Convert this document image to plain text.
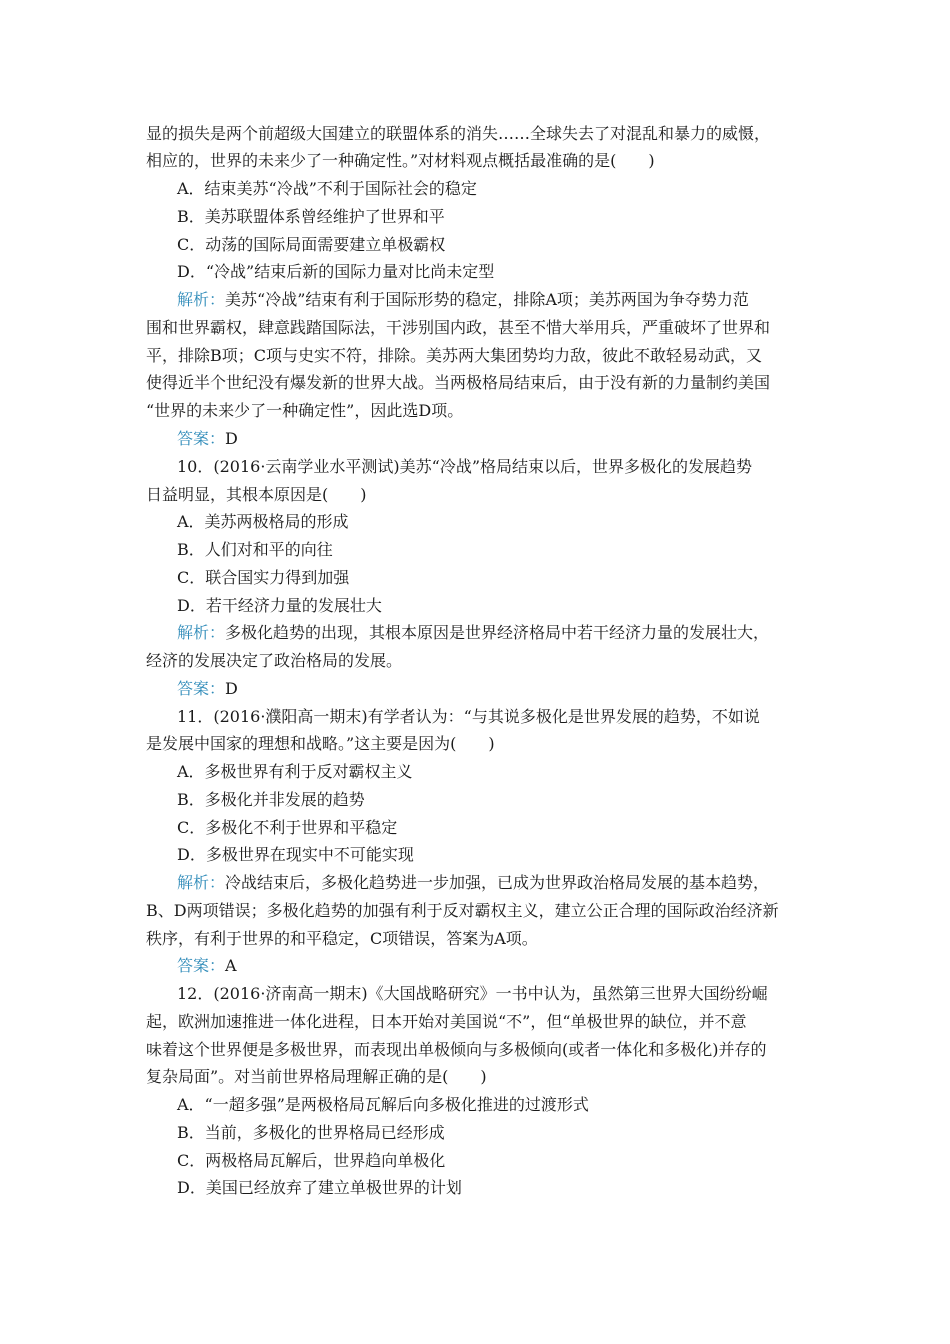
显的损失是两个前超级大国建立的联盟体系的消失……全球失去了对混乱和暴力的威慑，
相应的，世界的未来少了一种确定性。”对材料观点概括最准确的是(　　)
A．结束美苏“冷战”不利于国际社会的稳定
B．美苏联盟体系曾经维护了世界和平
C．动荡的国际局面需要建立单极霸权
D．“冷战”结束后新的国际力量对比尚未定型
解析：美苏“冷战”结束有利于国际形势的稳定，排除A项；美苏两国为争夺势力范
围和世界霸权，肆意践踏国际法，干涉别国内政，甚至不惜大举用兵，严重破坏了世界和
平，排除B项；C项与史实不符，排除。美苏两大集团势均力敌，彼此不敢轻易动武，又
使得近半个世纪没有爆发新的世界大战。当两极格局结束后，由于没有新的力量制约美国
“世界的未来少了一种确定性”，因此选D项。
答案：D
10．(2016·云南学业水平测试)美苏“冷战”格局结束以后，世界多极化的发展趋势
日益明显，其根本原因是(　　)
A．美苏两极格局的形成
B．人们对和平的向往
C．联合国实力得到加强
D．若干经济力量的发展壮大
解析：多极化趋势的出现，其根本原因是世界经济格局中若干经济力量的发展壮大，
经济的发展决定了政治格局的发展。
答案：D
11．(2016·濮阳高一期末)有学者认为：“与其说多极化是世界发展的趋势，不如说
是发展中国家的理想和战略。”这主要是因为(　　)
A．多极世界有利于反对霸权主义
B．多极化并非发展的趋势
C．多极化不利于世界和平稳定
D．多极世界在现实中不可能实现
解析：冷战结束后，多极化趋势进一步加强，已成为世界政治格局发展的基本趋势，
B、D两项错误；多极化趋势的加强有利于反对霸权主义，建立公正合理的国际政治经济新
秩序，有利于世界的和平稳定，C项错误，答案为A项。
答案：A
12．(2016·济南高一期末)《大国战略研究》一书中认为，虽然第三世界大国纷纷崛
起，欧洲加速推进一体化进程，日本开始对美国说“不”，但“单极世界的缺位，并不意
味着这个世界便是多极世界，而表现出单极倾向与多极倾向(或者一体化和多极化)并存的
复杂局面”。对当前世界格局理解正确的是(　　)
A．“一超多强”是两极格局瓦解后向多极化推进的过渡形式
B．当前，多极化的世界格局已经形成
C．两极格局瓦解后，世界趋向单极化
D．美国已经放弃了建立单极世界的计划
